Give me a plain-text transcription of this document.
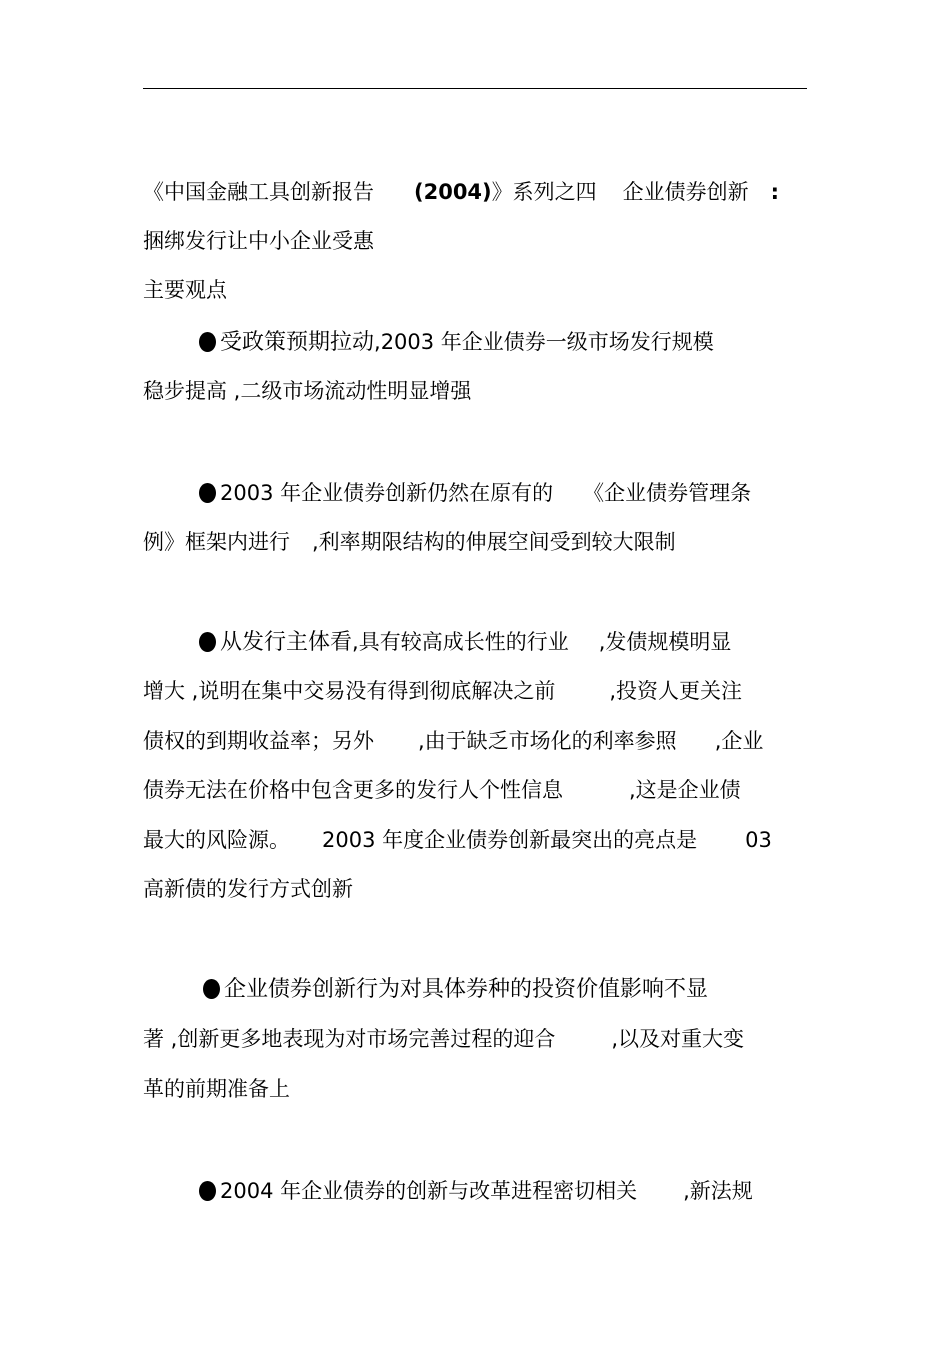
《中国金融工具创新报告 (2004)》系列之四 企业债券创新 :
捆绑发行让中小企业受惠
主要观点
受政策预期拉动,2003 年企业债券一级市场发行规模
稳步提高 ,二级市场流动性明显增强
2003 年企业债券创新仍然在原有的 《企业债券管理条
例》框架内进行 ,利率期限结构的伸展空间受到较大限制
从发行主体看,具有较高成长性的行业 ,发债规模明显
增大 ,说明在集中交易没有得到彻底解决之前	,投资人更关注
债权的到期收益率；另外 ,由于缺乏市场化的利率参照 ,企业
债券无法在价格中包含更多的发行人个性信息	,这是企业债
最大的风险源。 2003 年度企业债券创新最突出的亮点是 03
高新债的发行方式创新
企业债券创新行为对具体券种的投资价值影响不显
著 ,创新更多地表现为对市场完善过程的迎合	,以及对重大变
革的前期准备上
2004 年企业债券的创新与改革进程密切相关 ,新法规
